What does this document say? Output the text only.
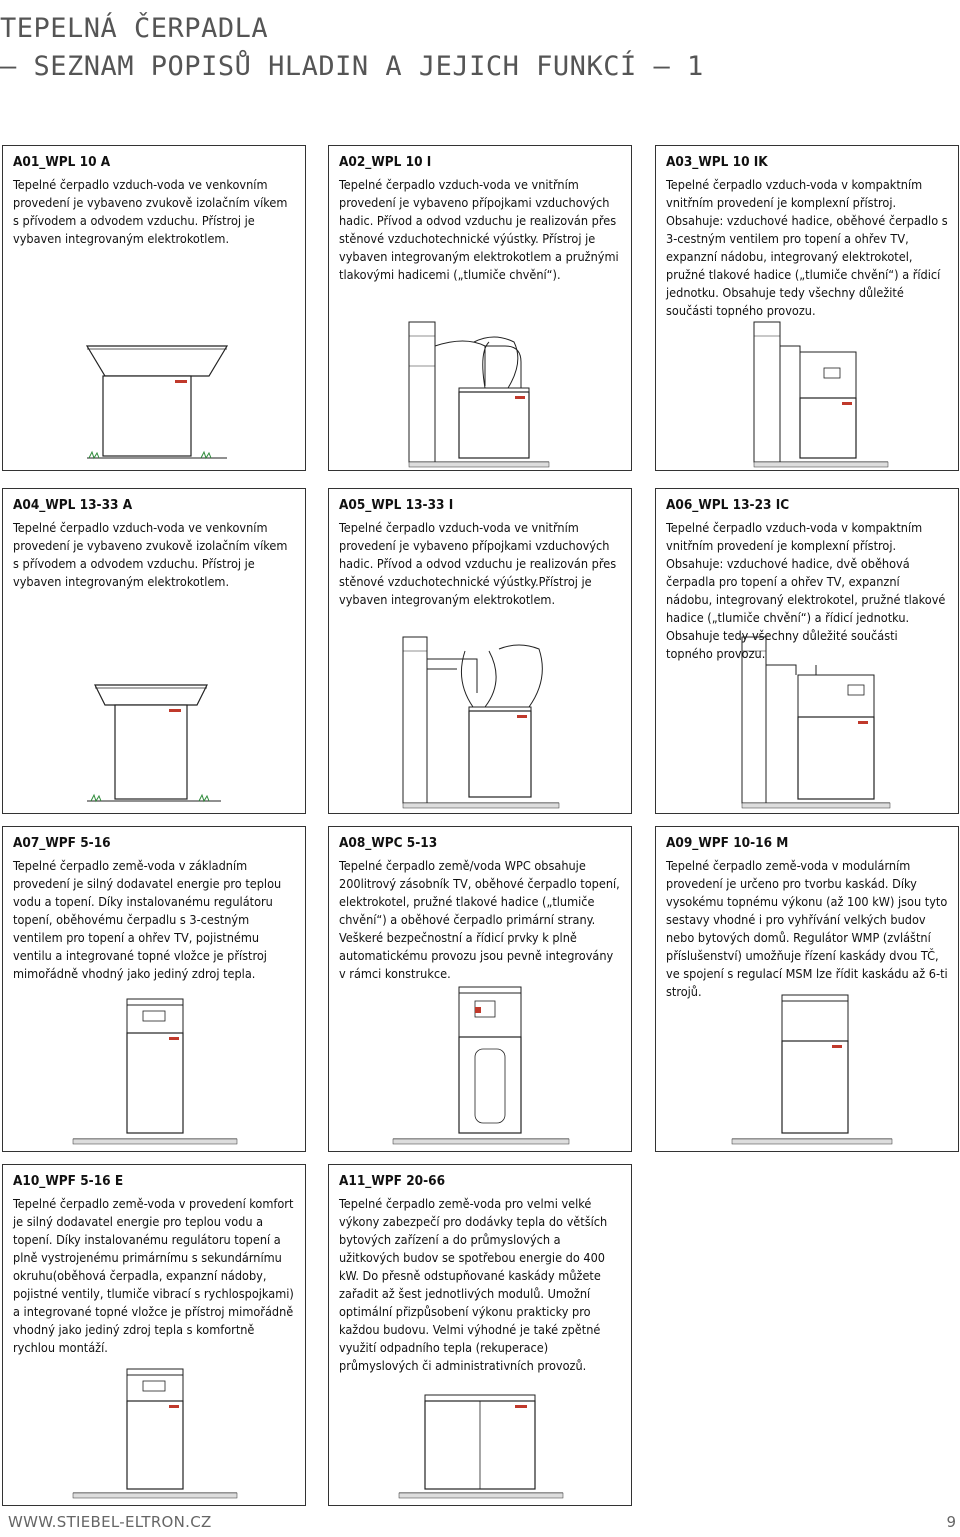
TEPELNÁ ČERPADLA
– SEZNAM POPISŮ HLADIN A JEJICH FUNKCÍ – 1
A01_WPL 10 A

Tepelné čerpadlo vzduch-voda ve venkovním provedení je vybaveno zvukově izolačním víkem s přívodem a odvodem vzduchu. Přístroj je vybaven integrovaným elektrokotlem.

A02_WPL 10 I

Tepelné čerpadlo vzduch-voda ve vnitřním provedení je vybaveno přípojkami vzduchových hadic. Přívod a odvod vzduchu je realizován přes stěnové vzduchotechnické výústky. Přístroj je vybaven integrovaným elektrokotlem a pružnými tlakovými hadicemi („tlumiče chvění“).

A03_WPL 10 IK

Tepelné čerpadlo vzduch-voda v kompaktním vnitřním provedení je komplexní přístroj. Obsahuje: vzduchové hadice, oběhové čerpadlo s 3-cestným ventilem pro topení a ohřev TV, expanzní nádobu, integrovaný elektrokotel, pružné tlakové hadice („tlumiče chvění“) a řídicí jednotku. Obsahuje tedy všechny důležité součásti topného provozu.

A04_WPL 13-33 A

Tepelné čerpadlo vzduch-voda ve venkovním provedení je vybaveno zvukově izolačním víkem s přívodem a odvodem vzduchu. Přístroj je vybaven integrovaným elektrokotlem.

A05_WPL 13-33 I

Tepelné čerpadlo vzduch-voda ve vnitřním provedení je vybaveno přípojkami vzduchových hadic. Přívod a odvod vzduchu je realizován přes stěnové vzduchotechnické výústky.Přístroj je vybaven integrovaným elektrokotlem.

A06_WPL 13-23 IC

Tepelné čerpadlo vzduch-voda v kompaktním vnitřním provedení je komplexní přístroj. Obsahuje: vzduchové hadice, dvě oběhová čerpadla pro topení a ohřev TV, expanzní nádobu, integrovaný elektrokotel, pružné tlakové hadice („tlumiče chvění“) a řídicí jednotku. Obsahuje tedy všechny důležité součásti topného provozu.

A07_WPF 5-16

Tepelné čerpadlo země-voda v základním provedení je silný dodavatel energie pro teplou vodu a topení. Díky instalovanému regulátoru topení, oběhovému čerpadlu s 3-cestným ventilem pro topení a ohřev TV, pojistnému ventilu a integrované topné vložce je přístroj mimořádně vhodný jako jediný zdroj tepla.

A08_WPC 5-13

Tepelné čerpadlo země/voda WPC obsahuje 200litrový zásobník TV, oběhové čerpadlo topení, elektrokotel, pružné tlakové hadice („tlumiče chvění“) a oběhové čerpadlo primární strany. Veškeré bezpečnostní a řídicí prvky k plně automatickému provozu jsou pevně integrovány v rámci konstrukce.

A09_WPF 10-16 M

Tepelné čerpadlo země-voda v modulárním provedení je určeno pro tvorbu kaskád. Díky vysokému topnému výkonu (až 100 kW) jsou tyto sestavy vhodné i pro vyhřívání velkých budov nebo bytových domů. Regulátor WMP (zvláštní příslušenství) umožňuje řízení kaskády dvou TČ, ve spojení s regulací MSM lze řídit kaskádu až 6-ti strojů.

A10_WPF 5-16 E

Tepelné čerpadlo země-voda v provedení komfort je silný dodavatel energie pro teplou vodu a topení. Díky instalovanému regulátoru topení a plně vystrojenému primárnímu s sekundárnímu okruhu(oběhová čerpadla, expanzní nádoby, pojistné ventily, tlumiče vibrací s rychlospojkami) a integrované topné vložce je přístroj mimořádně vhodný jako jediný zdroj tepla s komfortně rychlou montáží.

A11_WPF 20-66

Tepelné čerpadlo země-voda pro velmi velké výkony zabezpečí pro dodávky tepla do větších bytových zařízení a do průmyslových a užitkových budov se spotřebou energie do 400 kW. Do přesně odstupňované kaskády můžete zařadit až šest jednotlivých modulů. Umožní optimální přizpůsobení výkonu prakticky pro každou budovu. Velmi výhodné je také zpětné využití odpadního tepla (rekuperace) průmyslových či administrativních provozů.

WWW.STIEBEL-ELTRON.CZ	9
